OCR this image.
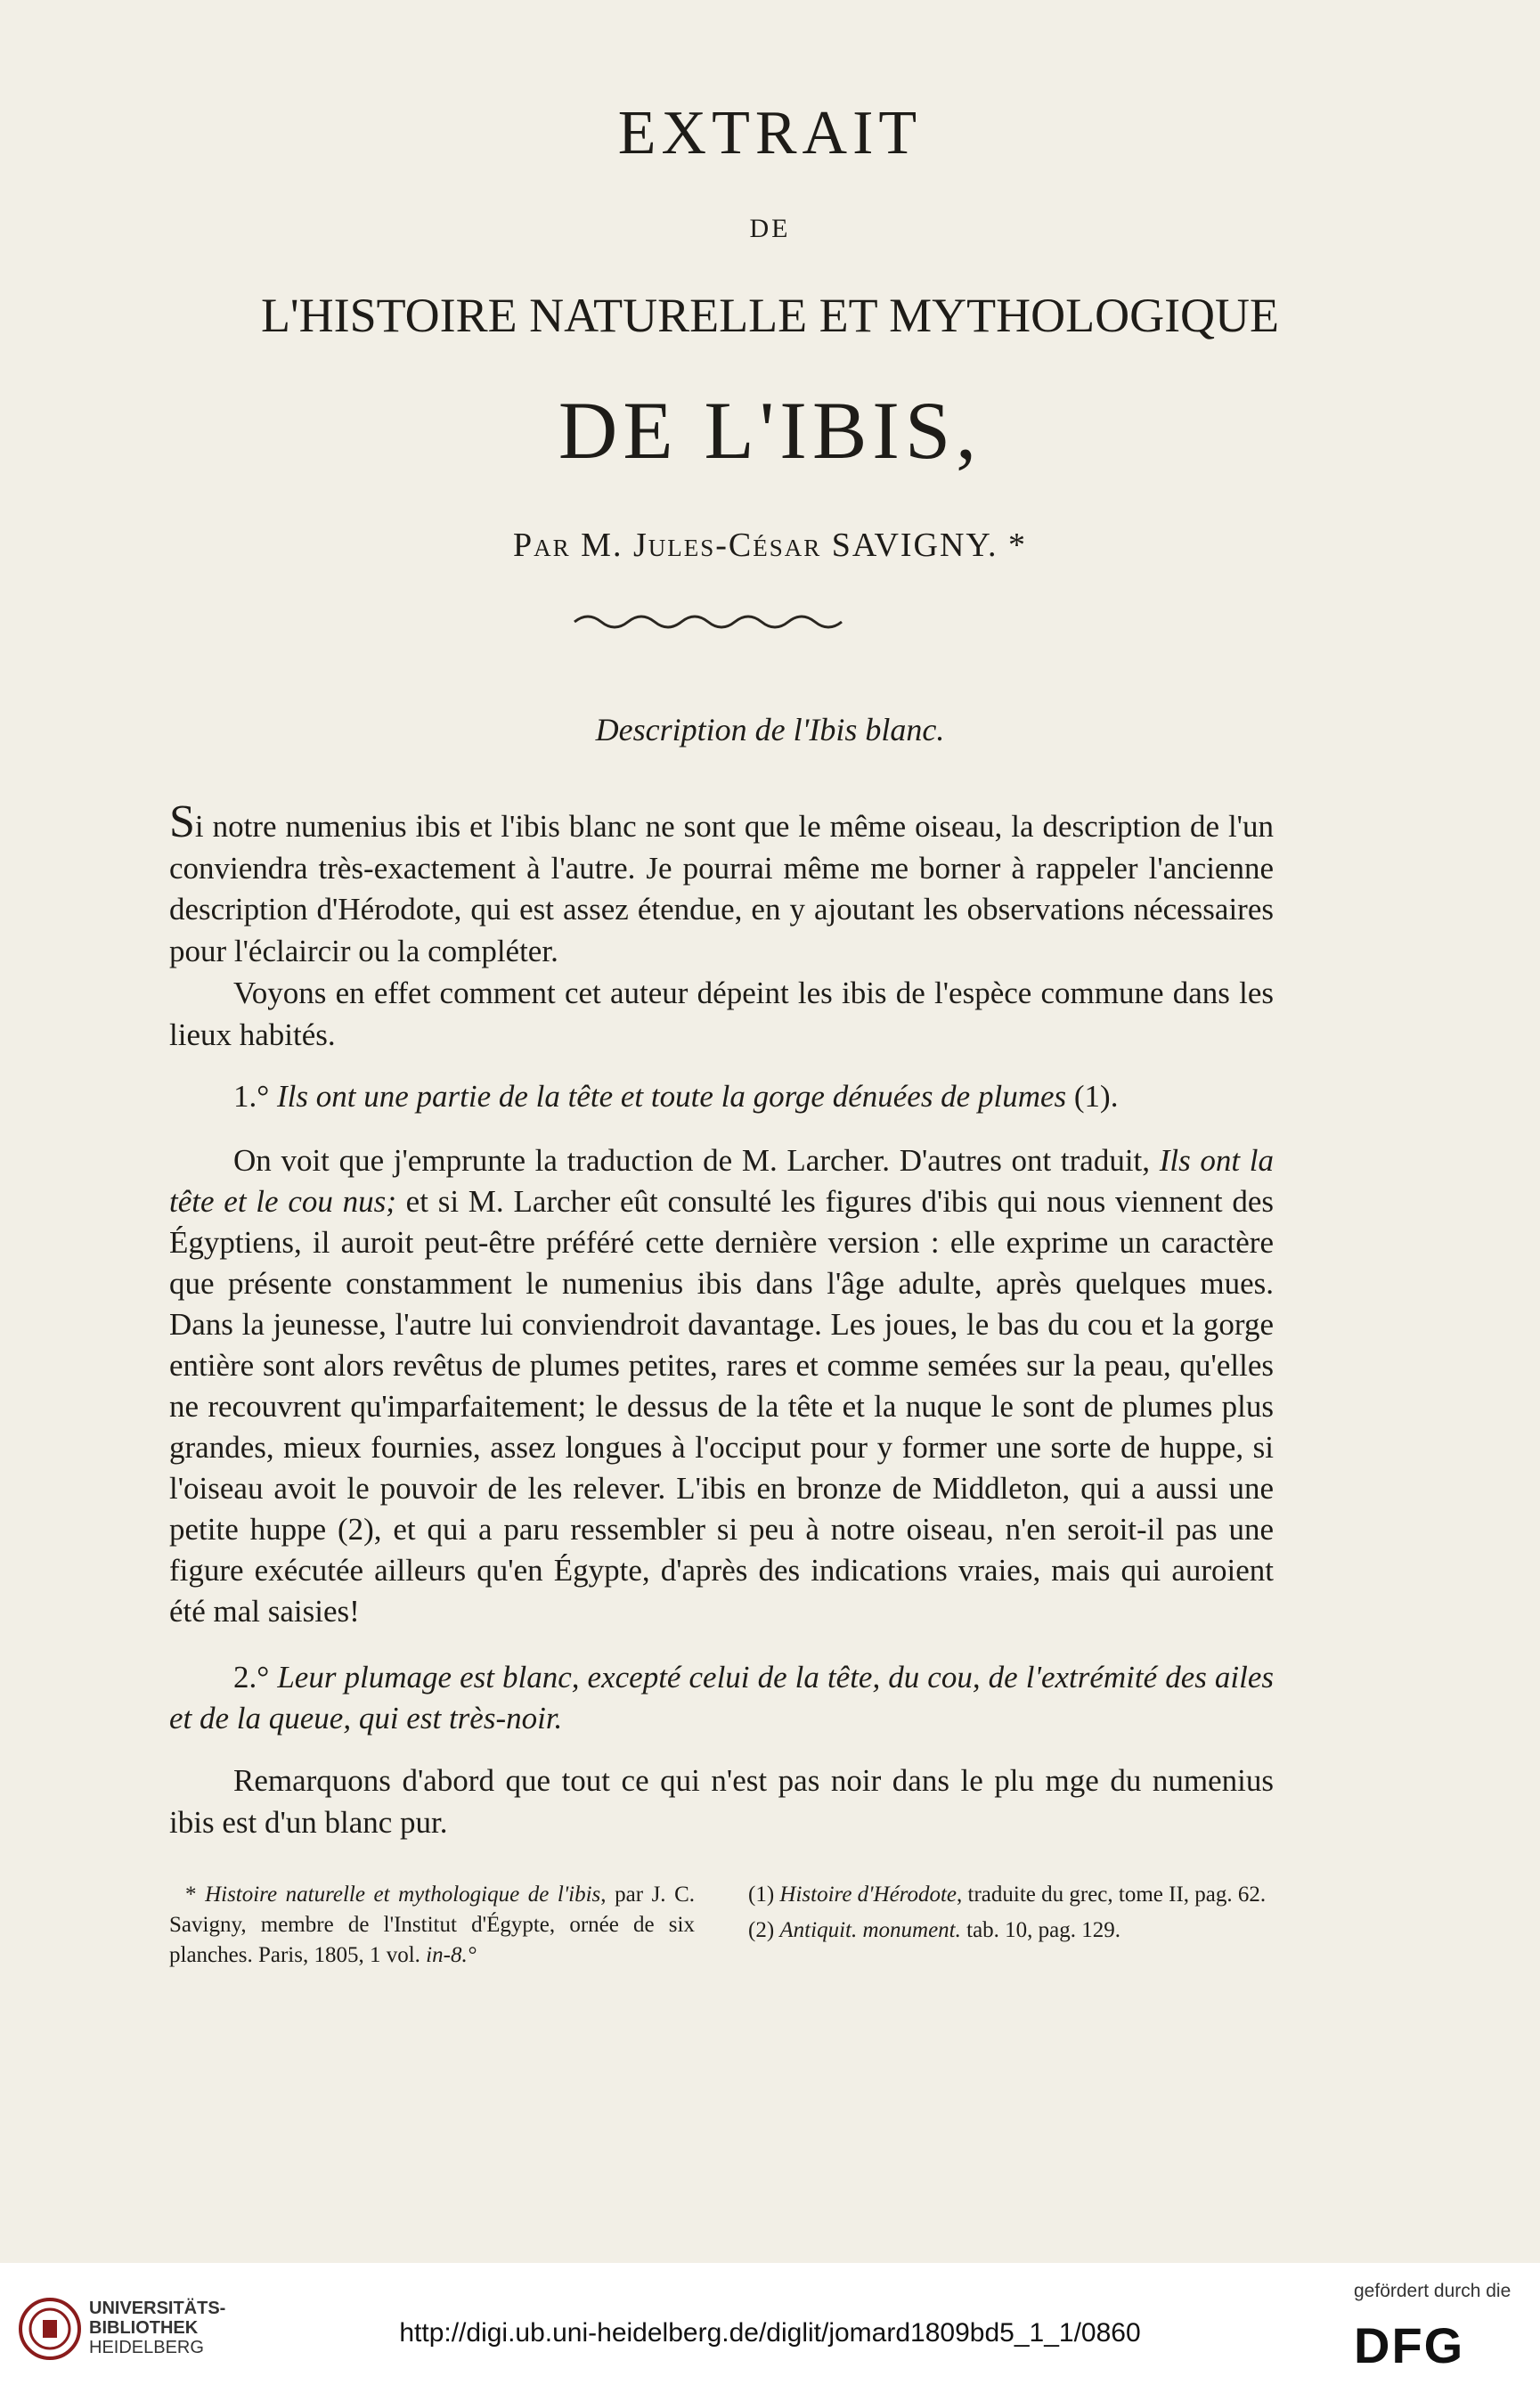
EXTRAIT
DE
L'HISTOIRE NATURELLE ET MYTHOLOGIQUE
DE L'IBIS,
Par M. Jules-César SAVIGNY. *
Description de l'Ibis blanc.

Si notre numenius ibis et l'ibis blanc ne sont que le même oiseau, la description de l'un conviendra très-exactement à l'autre. Je pourrai même me borner à rappeler l'ancienne description d'Hérodote, qui est assez étendue, en y ajoutant les observations nécessaires pour l'éclaircir ou la compléter.

Voyons en effet comment cet auteur dépeint les ibis de l'espèce commune dans les lieux habités.

1.° Ils ont une partie de la tête et toute la gorge dénuées de plumes (1).

On voit que j'emprunte la traduction de M. Larcher. D'autres ont traduit, Ils ont la tête et le cou nus; et si M. Larcher eût consulté les figures d'ibis qui nous viennent des Égyptiens, il auroit peut-être préféré cette dernière version : elle exprime un caractère que présente constamment le numenius ibis dans l'âge adulte, après quelques mues. Dans la jeunesse, l'autre lui conviendroit davantage. Les joues, le bas du cou et la gorge entière sont alors revêtus de plumes petites, rares et comme semées sur la peau, qu'elles ne recouvrent qu'imparfaitement; le dessus de la tête et la nuque le sont de plumes plus grandes, mieux fournies, assez longues à l'occiput pour y former une sorte de huppe, si l'oiseau avoit le pouvoir de les relever. L'ibis en bronze de Middleton, qui a aussi une petite huppe (2), et qui a paru ressembler si peu à notre oiseau, n'en seroit-il pas une figure exécutée ailleurs qu'en Égypte, d'après des indications vraies, mais qui auroient été mal saisies!

2.° Leur plumage est blanc, excepté celui de la tête, du cou, de l'extrémité des ailes et de la queue, qui est très-noir.

Remarquons d'abord que tout ce qui n'est pas noir dans le plu mge du numenius ibis est d'un blanc pur.

* Histoire naturelle et mythologique de l'ibis, par J. C. Savigny, membre de l'Institut d'Égypte, ornée de six planches. Paris, 1805, 1 vol. in-8.°

(1) Histoire d'Hérodote, traduite du grec, tome II, pag. 62.
(2) Antiquit. monument. tab. 10, pag. 129.
UNIVERSITÄTS-
BIBLIOTHEK
HEIDELBERG	http://digi.ub.uni-heidelberg.de/diglit/jomard1809bd5_1_1/0860
gefördert durch die
DFG
